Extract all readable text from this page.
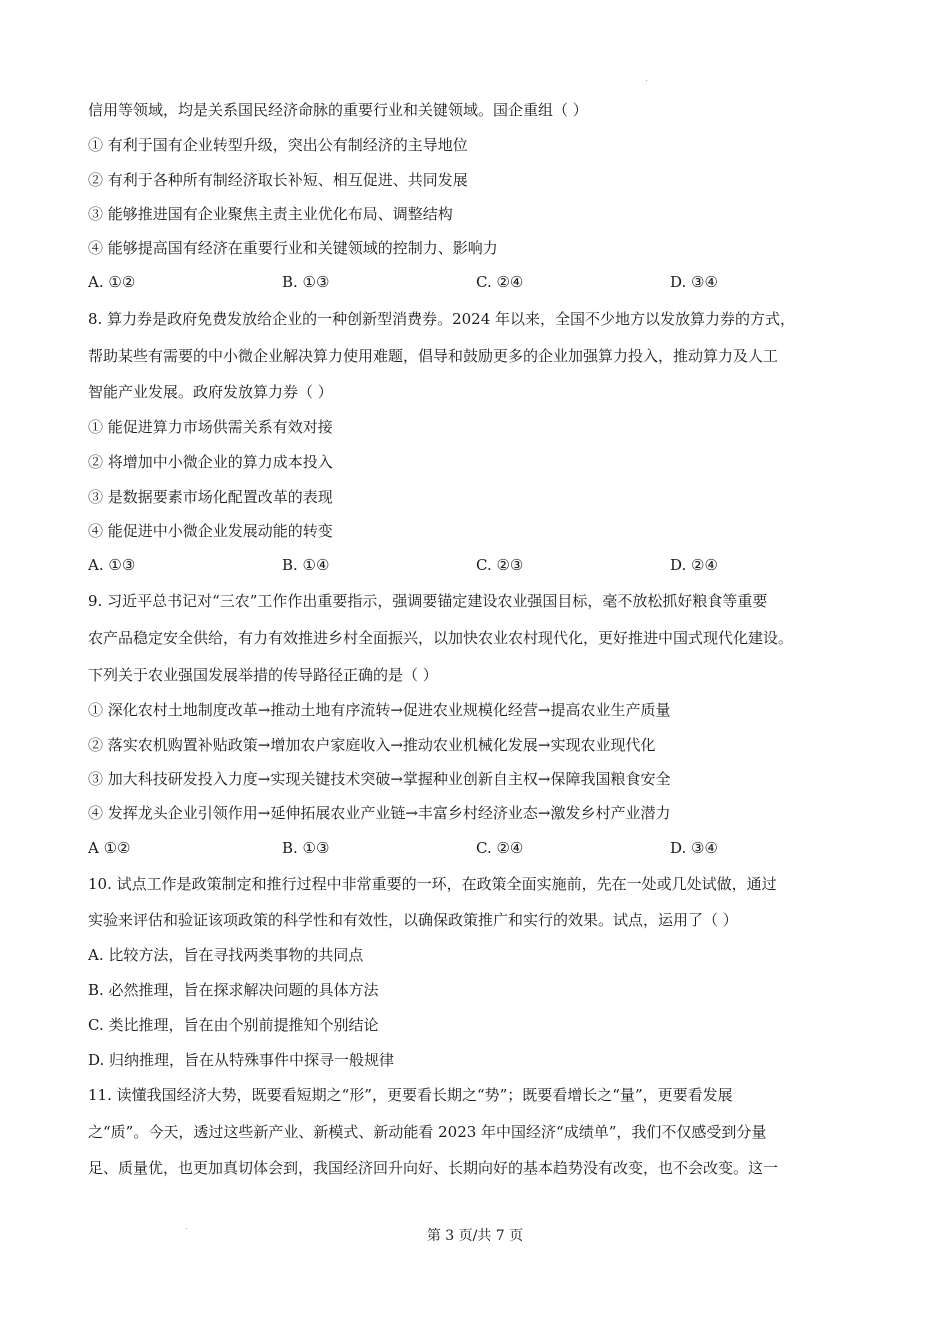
信用等领域，均是关系国民经济命脉的重要行业和关键领域。国企重组（ ）
① 有利于国有企业转型升级，突出公有制经济的主导地位
② 有利于各种所有制经济取长补短、相互促进、共同发展
③ 能够推进国有企业聚焦主责主业优化布局、调整结构
④ 能够提高国有经济在重要行业和关键领域的控制力、影响力
A. ①②	B. ①③	C. ②④	D. ③④
8. 算力券是政府免费发放给企业的一种创新型消费券。2024 年以来，全国不少地方以发放算力券的方式，
帮助某些有需要的中小微企业解决算力使用难题，倡导和鼓励更多的企业加强算力投入，推动算力及人工
智能产业发展。政府发放算力券（ ）
① 能促进算力市场供需关系有效对接
② 将增加中小微企业的算力成本投入
③ 是数据要素市场化配置改革的表现
④ 能促进中小微企业发展动能的转变
A. ①③	B. ①④	C. ②③	D. ②④
9. 习近平总书记对“三农”工作作出重要指示，强调要锚定建设农业强国目标，毫不放松抓好粮食等重要
农产品稳定安全供给，有力有效推进乡村全面振兴，以加快农业农村现代化，更好推进中国式现代化建设。
下列关于农业强国发展举措的传导路径正确的是（ ）
① 深化农村土地制度改革→推动土地有序流转→促进农业规模化经营→提高农业生产质量
② 落实农机购置补贴政策→增加农户家庭收入→推动农业机械化发展→实现农业现代化
③ 加大科技研发投入力度→实现关键技术突破→掌握种业创新自主权→保障我国粮食安全
④ 发挥龙头企业引领作用→延伸拓展农业产业链→丰富乡村经济业态→激发乡村产业潜力
A ①②	B. ①③	C. ②④	D. ③④
10. 试点工作是政策制定和推行过程中非常重要的一环，在政策全面实施前，先在一处或几处试做，通过
实验来评估和验证该项政策的科学性和有效性，以确保政策推广和实行的效果。试点，运用了（ ）
A. 比较方法，旨在寻找两类事物的共同点
B. 必然推理，旨在探求解决问题的具体方法
C. 类比推理，旨在由个别前提推知个别结论
D. 归纳推理，旨在从特殊事件中探寻一般规律
11. 读懂我国经济大势，既要看短期之“形”，更要看长期之“势”；既要看增长之“量”，更要看发展
之“质”。今天，透过这些新产业、新模式、新动能看 2023 年中国经济“成绩单”，我们不仅感受到分量
足、质量优，也更加真切体会到，我国经济回升向好、长期向好的基本趋势没有改变，也不会改变。这一
第 3 页/共 7 页
